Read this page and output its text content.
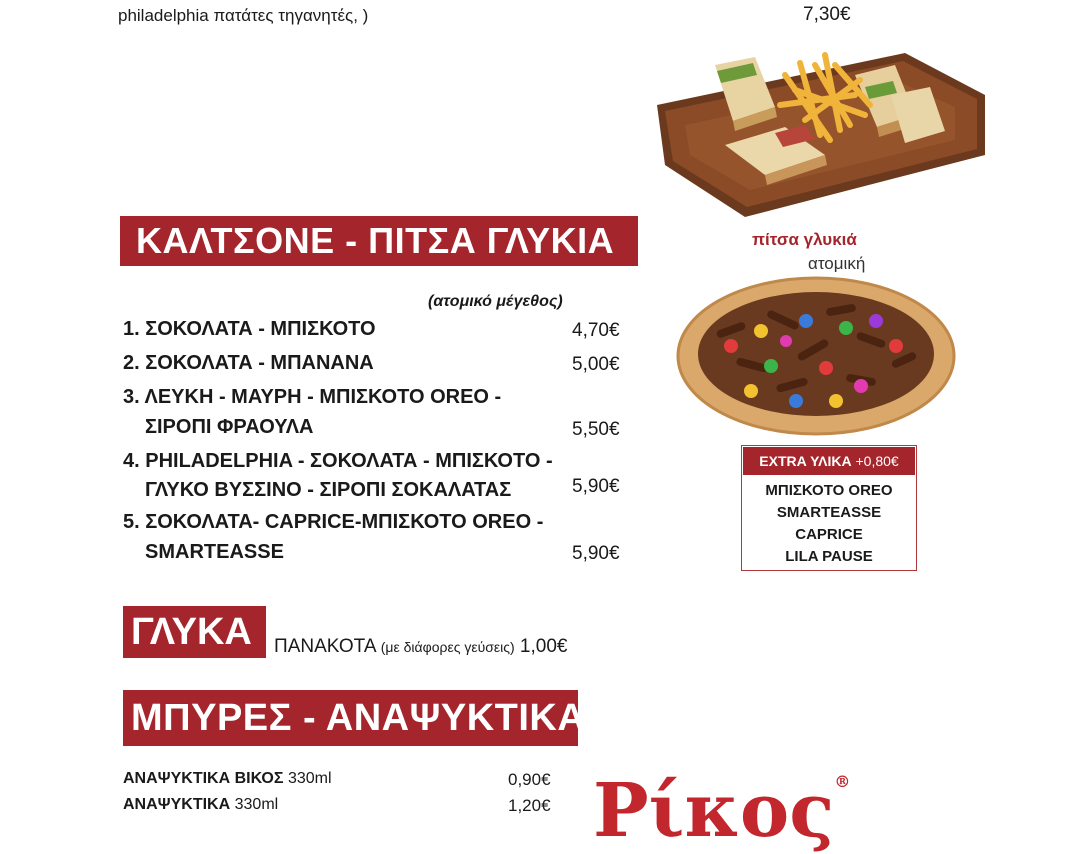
philadelphia πατάτες τηγανητές, )	7,30€
ΚΑΛΤΣΟΝΕ - ΠΙΤΣΑ ΓΛΥΚΙΑ
(ατομικό μέγεθος)
1. ΣΟΚΟΛΑΤΑ - ΜΠΙΣΚΟΤΟ	4,70€
2. ΣΟΚΟΛΑΤΑ - ΜΠΑΝΑΝΑ	5,00€
3. ΛΕΥΚΗ - ΜΑΥΡΗ - ΜΠΙΣΚΟΤΟ OREO -
ΣΙΡΟΠΙ ΦΡΑΟΥΛΑ	5,50€
4. PHILADELPHIA - ΣΟΚΟΛΑΤΑ - ΜΠΙΣΚΟΤΟ -
ΓΛΥΚΟ ΒΥΣΣΙΝΟ - ΣΙΡΟΠΙ ΣΟΚΑΛΑΤΑΣ	5,90€
5. ΣΟΚΟΛΑΤΑ- CAPRICE-ΜΠΙΣΚΟΤΟ OREO -
SMARTEASSE	5,90€
πίτσα γλυκιά
ατομική
EXTRA ΥΛΙΚΑ +0,80€
ΜΠΙΣΚΟΤΟ OREO
SMARTEASSE
CAPRICE
LILA PAUSE
ΓΛΥΚΑ	ΠΑΝΑΚΟΤΑ (με διάφορες γεύσεις) 1,00€
ΜΠΥΡΕΣ - ΑΝΑΨΥΚΤΙΚΑ
ΑΝΑΨΥΚΤΙΚΑ ΒΙΚΟΣ 330ml	0,90€
ΑΝΑΨΥΚΤΙΚΑ 330ml	1,20€ Ρίκος®
